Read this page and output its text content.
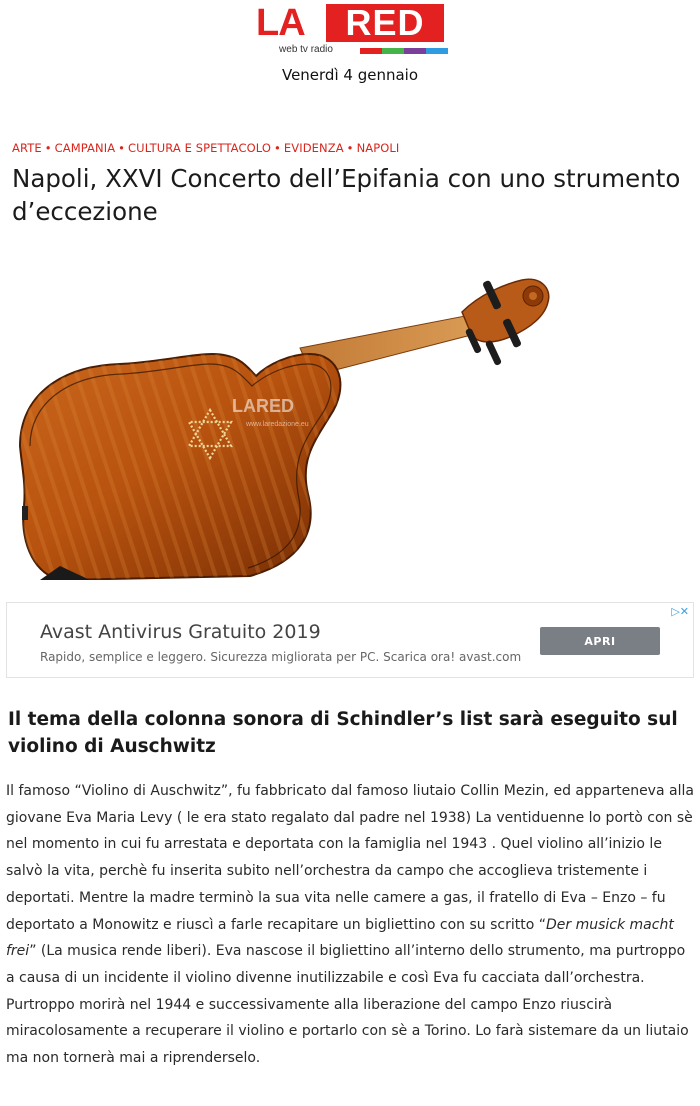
LA	RED
web tv radio
Venerdì 4 gennaio
ARTE • CAMPANIA • CULTURA E SPETTACOLO • EVIDENZA • NAPOLI
Napoli, XXVI Concerto dell’Epifania con uno strumento d’eccezione
LARED
www.laredazione.eu
▷✕
Avast Antivirus Gratuito 2019
Rapido, semplice e leggero. Sicurezza migliorata per PC. Scarica ora! avast.com
APRI
Il tema della colonna sonora di Schindler’s list sarà eseguito sul violino di Auschwitz

Il famoso “Violino di Auschwitz”, fu fabbricato dal famoso liutaio Collin Mezin, ed apparteneva alla giovane Eva Maria Levy ( le era stato regalato dal padre nel 1938) La ventiduenne lo portò con sè nel momento in cui fu arrestata e deportata con la famiglia nel 1943 . Quel violino all’inizio le salvò la vita, perchè fu inserita subito nell’orchestra da campo che accoglieva tristemente i deportati. Mentre la madre terminò la sua vita nelle camere a gas, il fratello di Eva – Enzo – fu deportato a Monowitz e riuscì a farle recapitare un bigliettino con su scritto “Der musick macht frei” (La musica rende liberi). Eva nascose il bigliettino all’interno dello strumento, ma purtroppo a causa di un incidente il violino divenne inutilizzabile e così Eva fu cacciata dall’orchestra. Purtroppo morirà nel 1944 e successivamente alla liberazione del campo Enzo riuscirà miracolosamente a recuperare il violino e portarlo con sè a Torino. Lo farà sistemare da un liutaio ma non tornerà mai a riprenderselo.
